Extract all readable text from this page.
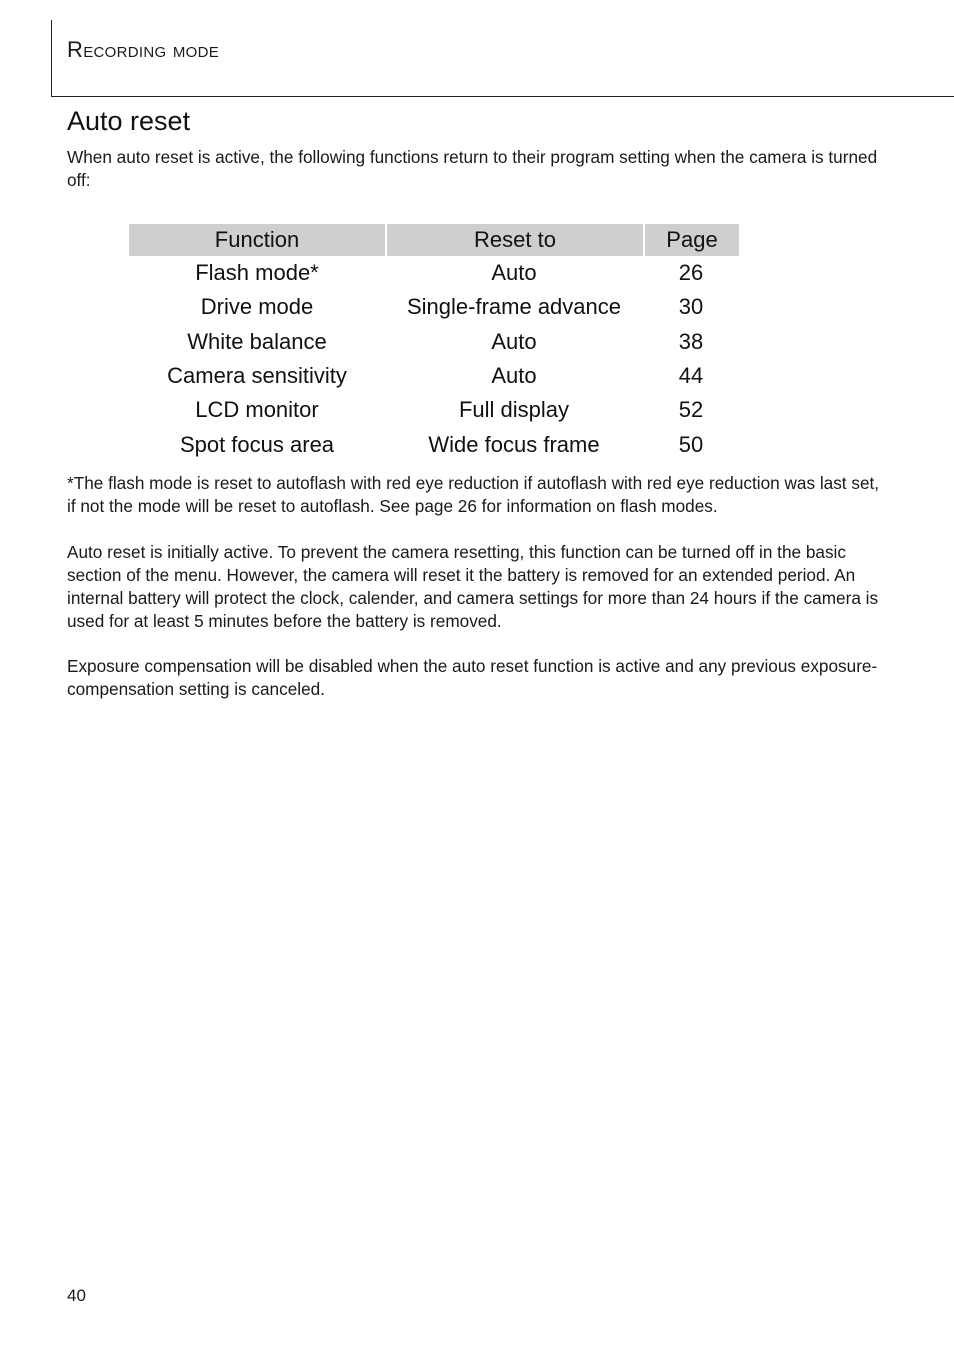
Recording mode
Auto reset

When auto reset is active, the following functions return to their program setting when the camera is turned off:

Function	Reset to	Page
Flash mode*	Auto	26
Drive mode	Single-frame advance	30
White balance	Auto	38
Camera sensitivity	Auto	44
LCD monitor	Full display	52
Spot focus area	Wide focus frame	50

*The flash mode is reset to autoflash with red eye reduction if autoflash with red eye reduction was last set, if not the mode will be reset to autoflash. See page 26 for information on flash modes.

Auto reset is initially active. To prevent the camera resetting, this function can be turned off in the basic section of the menu. However, the camera will reset it the battery is removed for an extended period. An internal battery will protect the clock, calender, and camera settings for more than 24 hours if the camera is used for at least 5 minutes before the battery is removed.

Exposure compensation will be disabled when the auto reset function is active and any previous exposure-compensation setting is canceled.

40
